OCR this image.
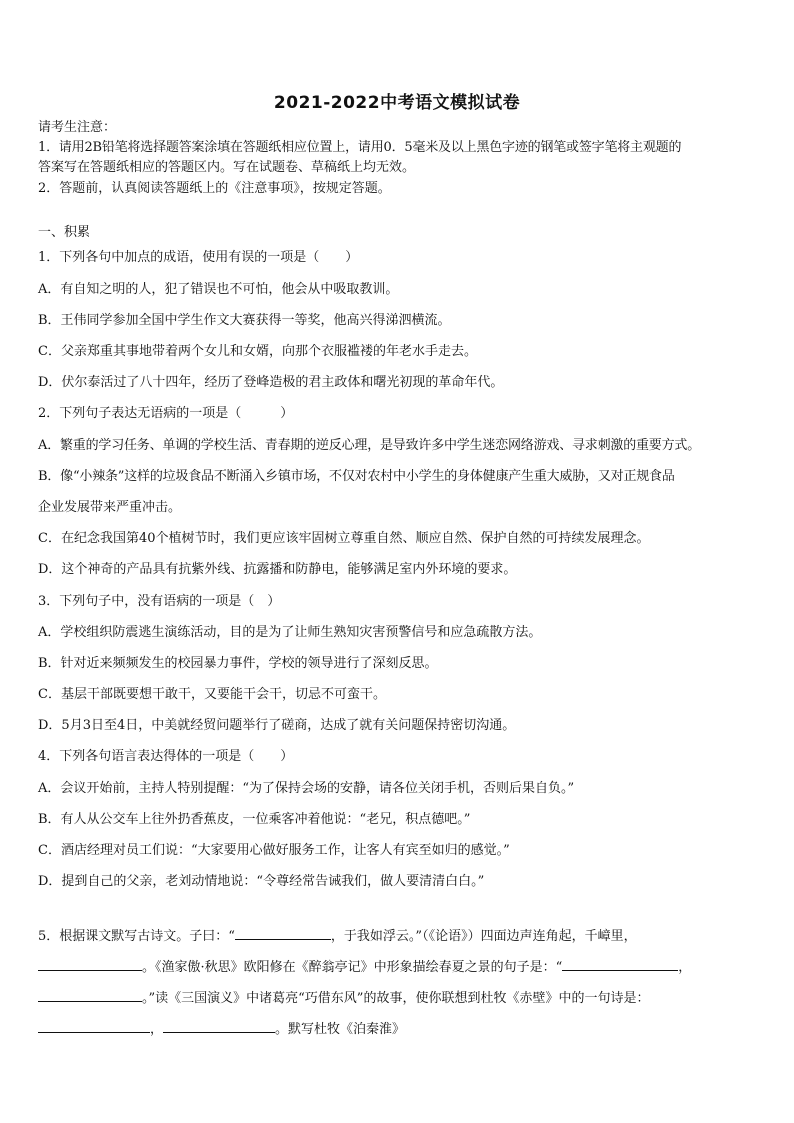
2021-2022中考语文模拟试卷
请考生注意：
1．请用2B铅笔将选择题答案涂填在答题纸相应位置上，请用0．5毫米及以上黑色字迹的钢笔或签字笔将主观题的
答案写在答题纸相应的答题区内。写在试题卷、草稿纸上均无效。
2．答题前，认真阅读答题纸上的《注意事项》，按规定答题。
一、积累
1．下列各句中加点的成语，使用有误的一项是（　　）
A．有自知之明的人，犯了错误也不可怕，他会从中吸取教训。
B．王伟同学参加全国中学生作文大赛获得一等奖，他高兴得涕泗横流。
C．父亲郑重其事地带着两个女儿和女婿，向那个衣服褴褛的年老水手走去。
D．伏尔泰活过了八十四年，经历了登峰造极的君主政体和曙光初现的革命年代。
2．下列句子表达无语病的一项是（　　　）
A．繁重的学习任务、单调的学校生活、青春期的逆反心理，是导致许多中学生迷恋网络游戏、寻求刺激的重要方式。
B．像“小辣条”这样的垃圾食品不断涌入乡镇市场，不仅对农村中小学生的身体健康产生重大威胁，又对正规食品
企业发展带来严重冲击。
C．在纪念我国第40个植树节时，我们更应该牢固树立尊重自然、顺应自然、保护自然的可持续发展理念。
D．这个神奇的产品具有抗紫外线、抗露播和防静电，能够满足室内外环境的要求。
3．下列句子中，没有语病的一项是（　）
A．学校组织防震逃生演练活动，目的是为了让师生熟知灾害预警信号和应急疏散方法。
B．针对近来频频发生的校园暴力事件，学校的领导进行了深刻反思。
C．基层干部既要想干敢干，又要能干会干，切忌不可蛮干。
D．5月3日至4日，中美就经贸问题举行了磋商，达成了就有关问题保持密切沟通。
4．下列各句语言表达得体的一项是（　　）
A．会议开始前，主持人特别提醒：“为了保持会场的安静，请各位关闭手机，否则后果自负。”
B．有人从公交车上往外扔香蕉皮，一位乘客冲着他说：“老兄，积点德吧。”
C．酒店经理对员工们说：“大家要用心做好服务工作，让客人有宾至如归的感觉。”
D．提到自己的父亲，老刘动情地说：“令尊经常告诫我们，做人要清清白白。”
5．根据课文默写古诗文。子曰：“	，于我如浮云。”（《论语》）四面边声连角起，千嶂里，
。《渔家傲·秋思》欧阳修在《醉翁亭记》中形象描绘春夏之景的句子是：“	，
。”读《三国演义》中诸葛亮“巧借东风”的故事，使你联想到杜牧《赤壁》中的一句诗是：
，	。默写杜牧《泊秦淮》
